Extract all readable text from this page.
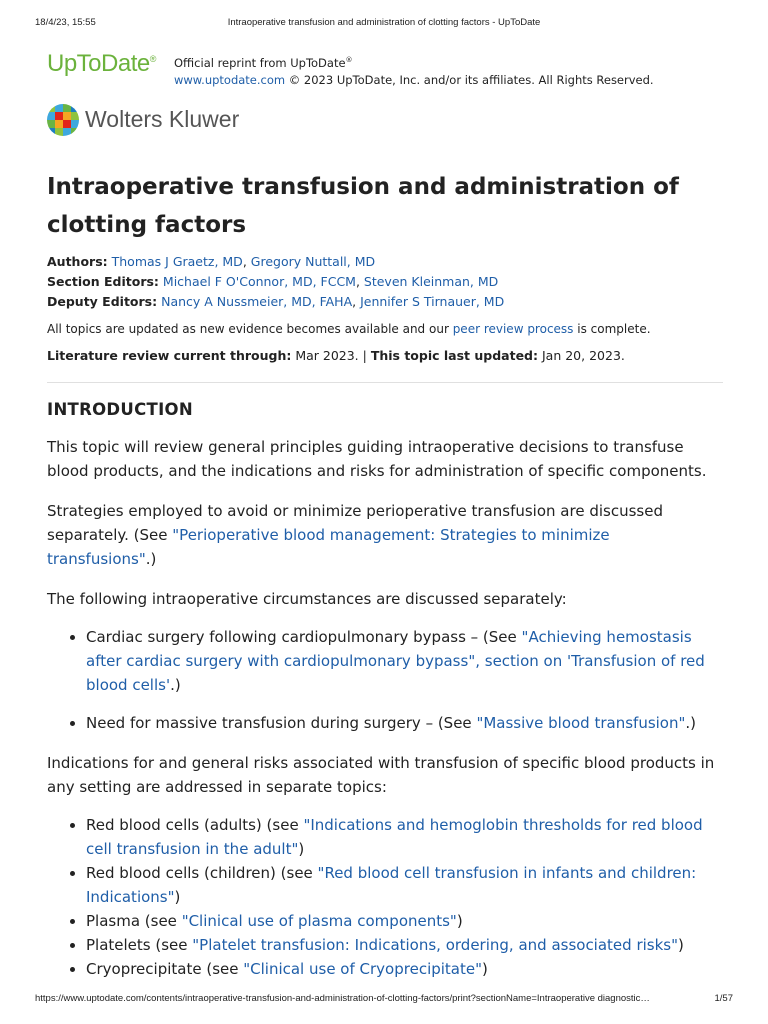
18/4/23, 15:55	Intraoperative transfusion and administration of clotting factors - UpToDate
UpToDate® Official reprint from UpToDate®
www.uptodate.com © 2023 UpToDate, Inc. and/or its affiliates. All Rights Reserved.
Wolters Kluwer
Intraoperative transfusion and administration of clotting factors
Authors: Thomas J Graetz, MD, Gregory Nuttall, MD
Section Editors: Michael F O'Connor, MD, FCCM, Steven Kleinman, MD
Deputy Editors: Nancy A Nussmeier, MD, FAHA, Jennifer S Tirnauer, MD
All topics are updated as new evidence becomes available and our peer review process is complete.
Literature review current through: Mar 2023. | This topic last updated: Jan 20, 2023.
INTRODUCTION

This topic will review general principles guiding intraoperative decisions to transfuse blood products, and the indications and risks for administration of specific components.

Strategies employed to avoid or minimize perioperative transfusion are discussed separately. (See "Perioperative blood management: Strategies to minimize transfusions".)

The following intraoperative circumstances are discussed separately:

• Cardiac surgery following cardiopulmonary bypass – (See "Achieving hemostasis after cardiac surgery with cardiopulmonary bypass", section on 'Transfusion of red blood cells'.)
• Need for massive transfusion during surgery – (See "Massive blood transfusion".)

Indications for and general risks associated with transfusion of specific blood products in any setting are addressed in separate topics:

• Red blood cells (adults) (see "Indications and hemoglobin thresholds for red blood cell transfusion in the adult")
• Red blood cells (children) (see "Red blood cell transfusion in infants and children: Indications")
• Plasma (see "Clinical use of plasma components")
• Platelets (see "Platelet transfusion: Indications, ordering, and associated risks")
• Cryoprecipitate (see "Clinical use of Cryoprecipitate")
https://www.uptodate.com/contents/intraoperative-transfusion-and-administration-of-clotting-factors/print?sectionName=Intraoperative diagnostic…	1/57
